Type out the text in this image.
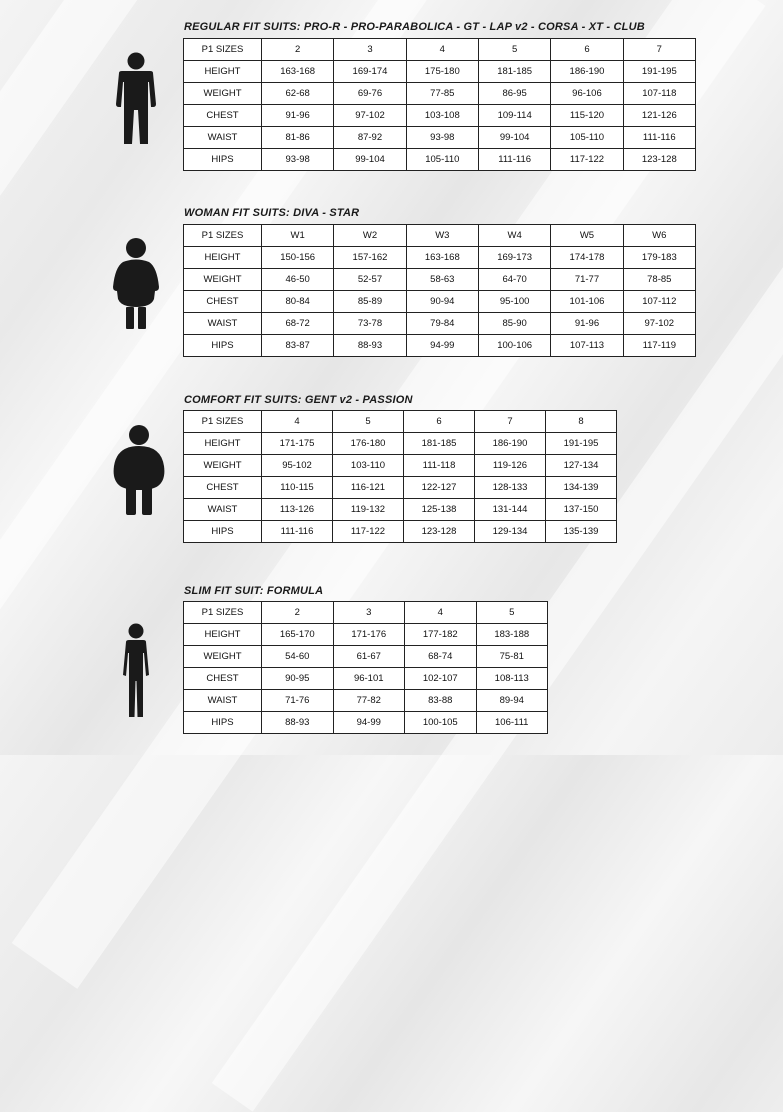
REGULAR FIT SUITS: PRO-R - PRO-PARABOLICA - GT - LAP v2 - CORSA - XT - CLUB
P1 SIZES	2	3	4	5	6	7
HEIGHT	163-168	169-174	175-180	181-185	186-190	191-195
WEIGHT	62-68	69-76	77-85	86-95	96-106	107-118
CHEST	91-96	97-102	103-108	109-114	115-120	121-126
WAIST	81-86	87-92	93-98	99-104	105-110	111-116
HIPS	93-98	99-104	105-110	111-116	117-122	123-128
WOMAN FIT SUITS: DIVA - STAR
P1 SIZES	W1	W2	W3	W4	W5	W6
HEIGHT	150-156	157-162	163-168	169-173	174-178	179-183
WEIGHT	46-50	52-57	58-63	64-70	71-77	78-85
CHEST	80-84	85-89	90-94	95-100	101-106	107-112
WAIST	68-72	73-78	79-84	85-90	91-96	97-102
HIPS	83-87	88-93	94-99	100-106	107-113	117-119
COMFORT FIT SUITS: GENT v2 - PASSION
P1 SIZES	4	5	6	7	8
HEIGHT	171-175	176-180	181-185	186-190	191-195
WEIGHT	95-102	103-110	111-118	119-126	127-134
CHEST	110-115	116-121	122-127	128-133	134-139
WAIST	113-126	119-132	125-138	131-144	137-150
HIPS	111-116	117-122	123-128	129-134	135-139
SLIM FIT SUIT: FORMULA
P1 SIZES	2	3	4	5
HEIGHT	165-170	171-176	177-182	183-188
WEIGHT	54-60	61-67	68-74	75-81
CHEST	90-95	96-101	102-107	108-113
WAIST	71-76	77-82	83-88	89-94
HIPS	88-93	94-99	100-105	106-111
